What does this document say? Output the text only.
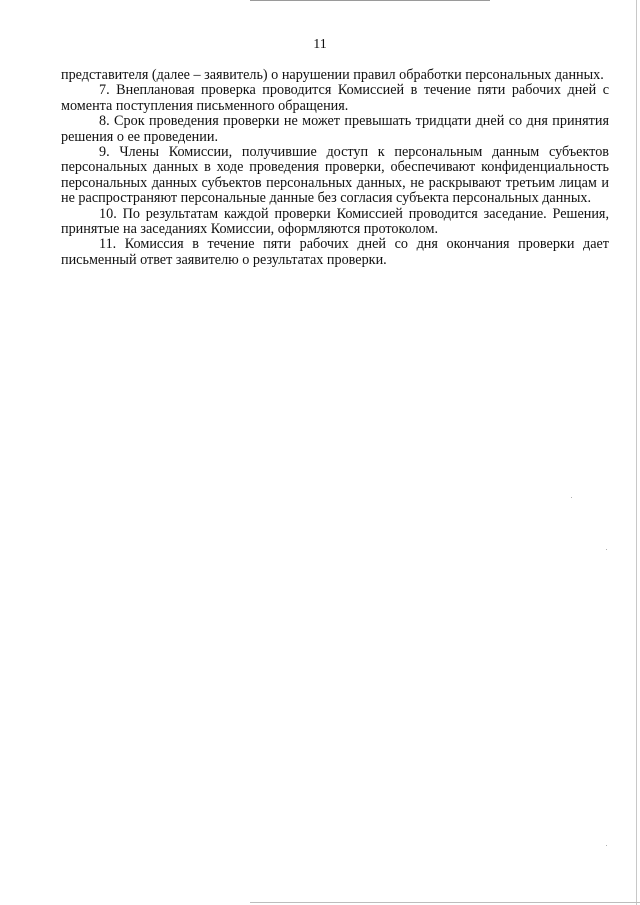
11

представителя (далее – заявитель) о нарушении правил обработки персональных данных.

7. Внеплановая проверка проводится Комиссией в течение пяти рабочих дней с момента поступления письменного обращения.

8. Срок проведения проверки не может превышать тридцати дней со дня принятия решения о ее проведении.

9. Члены Комиссии, получившие доступ к персональным данным субъектов персональных данных в ходе проведения проверки, обеспечивают конфиденциальность персональных данных субъектов персональных данных, не раскрывают третьим лицам и не распространяют персональные данные без согласия субъекта персональных данных.

10. По результатам каждой проверки Комиссией проводится заседание. Решения, принятые на заседаниях Комиссии, оформляются протоколом.

11. Комиссия в течение пяти рабочих дней со дня окончания проверки дает письменный ответ заявителю о результатах проверки.
